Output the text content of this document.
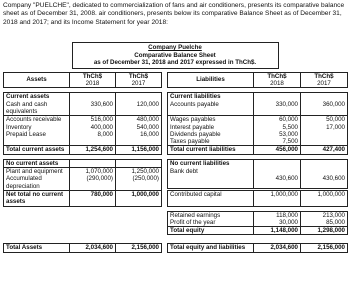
Company "PUELCHE", dedicated to commercialization of fans and air conditioners, presents its comparative balance sheet as of December 31, 2008. air conditioners, presents below its comparative Balance Sheet as of December 31, 2018 and 2017; and its Income Statement for year 2018:
Company Puelche
Comparative Balance Sheet
as of December 31, 2018 and 2017 expressed in ThCh$.
Assets	ThCh$	ThCh$		Liabilities	ThCh$	ThCh$
	2018	2017			2018	2017

Current assets				Current liabilities		
Cash and cash equivalents	330,600	120,000		Accounts payable	330,000	360,000

Accounts receivable	516,000	480,000		Wages payables	60,000	50,000
Inventory	400,000	540,000		Interest payable	5,500	17,000
Prepaid Lease	8,000	16,000		Dividends payable	53,000	
				Taxes payable	7,500	
Total current assets	1,254,600	1,156,000		Total current liabilities	456,000	427,400

No current assets				No current liabilities		
Plant and equipment	1,070,000	1,250,000		Bank debt		
Accumulated depreciation	(290,000)	(250,000)			430,600	430,600

Net total no current assets	780,000	1,000,000		Contributed capital	1,000,000	1,000,000

				Retained earnings	118,000	213,000
				Profit of the year	30,000	85,000
				Total equity	1,148,000	1,298,000

Total Assets	2,034,600	2,156,000		Total equity and liabilities	2,034,600	2,156,000
